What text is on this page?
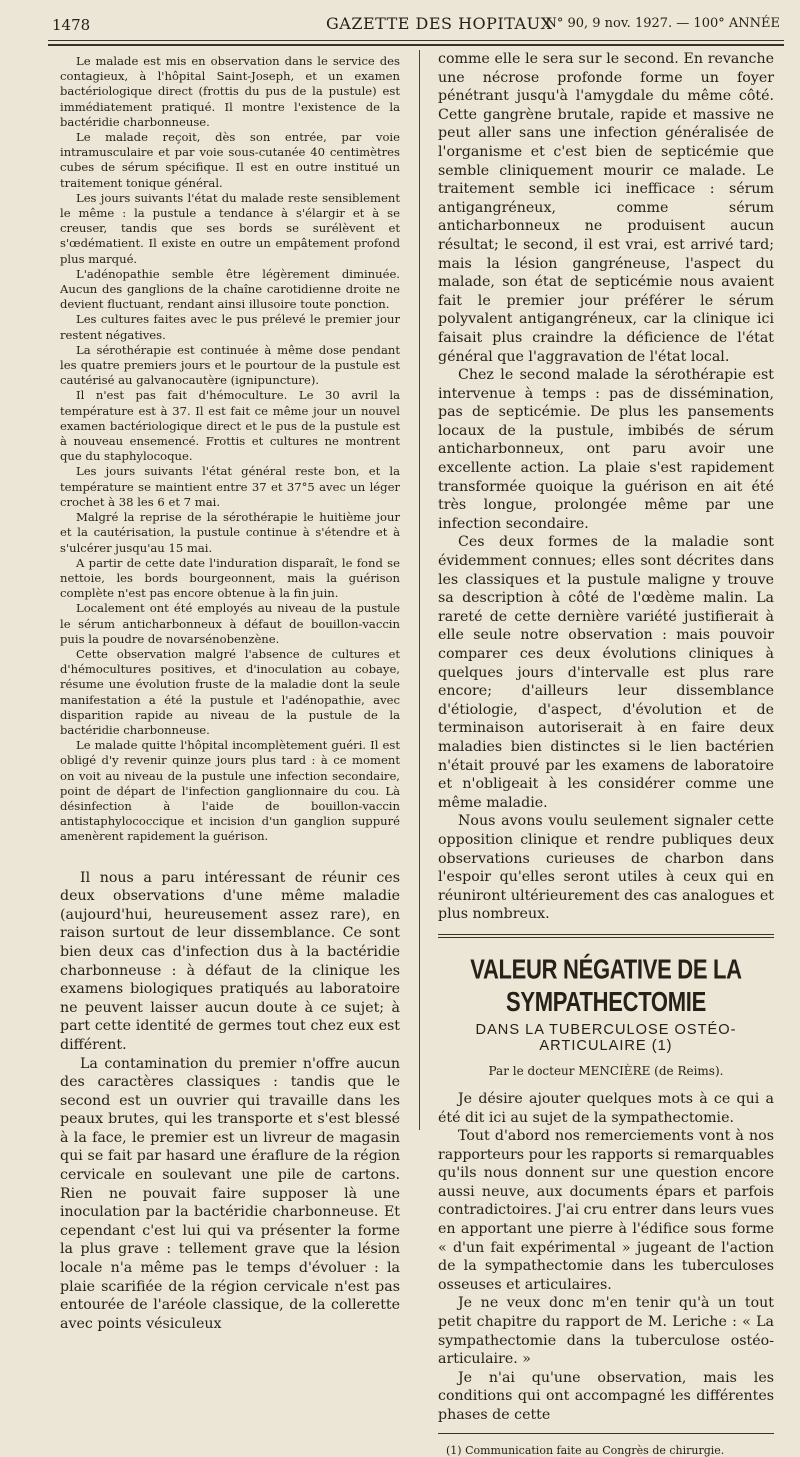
1478	GAZETTE DES HOPITAUX
N° 90, 9 nov. 1927. — 100° ANNÉE

Le malade est mis en observation dans le service des contagieux, à l'hôpital Saint-Joseph, et un examen bactériologique direct (frottis du pus de la pustule) est immédiatement pratiqué. Il montre l'existence de la bactéridie charbonneuse.

Le malade reçoit, dès son entrée, par voie intramusculaire et par voie sous-cutanée 40 centimètres cubes de sérum spécifique. Il est en outre institué un traitement tonique général.

Les jours suivants l'état du malade reste sensiblement le même : la pustule a tendance à s'élargir et à se creuser, tandis que ses bords se surélèvent et s'œdématient. Il existe en outre un empâtement profond plus marqué.

L'adénopathie semble être légèrement diminuée. Aucun des ganglions de la chaîne carotidienne droite ne devient fluctuant, rendant ainsi illusoire toute ponction.

Les cultures faites avec le pus prélevé le premier jour restent négatives.

La sérothérapie est continuée à même dose pendant les quatre premiers jours et le pourtour de la pustule est cautérisé au galvanocautère (ignipuncture).

Il n'est pas fait d'hémoculture. Le 30 avril la température est à 37. Il est fait ce même jour un nouvel examen bactériologique direct et le pus de la pustule est à nouveau ensemencé. Frottis et cultures ne montrent que du staphylocoque.

Les jours suivants l'état général reste bon, et la température se maintient entre 37 et 37°5 avec un léger crochet à 38 les 6 et 7 mai.

Malgré la reprise de la sérothérapie le huitième jour et la cautérisation, la pustule continue à s'étendre et à s'ulcérer jusqu'au 15 mai.

A partir de cette date l'induration disparaît, le fond se nettoie, les bords bourgeonnent, mais la guérison complète n'est pas encore obtenue à la fin juin.

Localement ont été employés au niveau de la pustule le sérum anticharbonneux à défaut de bouillon-vaccin puis la poudre de novarsénobenzène.

Cette observation malgré l'absence de cultures et d'hémocultures positives, et d'inoculation au cobaye, résume une évolution fruste de la maladie dont la seule manifestation a été la pustule et l'adénopathie, avec disparition rapide au niveau de la pustule de la bactéridie charbonneuse.

Le malade quitte l'hôpital incomplètement guéri. Il est obligé d'y revenir quinze jours plus tard : à ce moment on voit au niveau de la pustule une infection secondaire, point de départ de l'infection ganglionnaire du cou. Là désinfection à l'aide de bouillon-vaccin antistaphylococcique et incision d'un ganglion suppuré amenèrent rapidement la guérison.

Il nous a paru intéressant de réunir ces deux observations d'une même maladie (aujourd'hui, heureusement assez rare), en raison surtout de leur dissemblance. Ce sont bien deux cas d'infection dus à la bactéridie charbonneuse : à défaut de la clinique les examens biologiques pratiqués au laboratoire ne peuvent laisser aucun doute à ce sujet; à part cette identité de germes tout chez eux est différent.

La contamination du premier n'offre aucun des caractères classiques : tandis que le second est un ouvrier qui travaille dans les peaux brutes, qui les transporte et s'est blessé à la face, le premier est un livreur de magasin qui se fait par hasard une éraflure de la région cervicale en soulevant une pile de cartons. Rien ne pouvait faire supposer là une inoculation par la bactéridie charbonneuse. Et cependant c'est lui qui va présenter la forme la plus grave : tellement grave que la lésion locale n'a même pas le temps d'évoluer : la plaie scarifiée de la région cervicale n'est pas entourée de l'aréole classique, de la collerette avec points vésiculeux

comme elle le sera sur le second. En revanche une nécrose profonde forme un foyer pénétrant jusqu'à l'amygdale du même côté. Cette gangrène brutale, rapide et massive ne peut aller sans une infection généralisée de l'organisme et c'est bien de septicémie que semble cliniquement mourir ce malade. Le traitement semble ici inefficace : sérum antigangréneux, comme sérum anticharbonneux ne produisent aucun résultat; le second, il est vrai, est arrivé tard; mais la lésion gangréneuse, l'aspect du malade, son état de septicémie nous avaient fait le premier jour préférer le sérum polyvalent antigangréneux, car la clinique ici faisait plus craindre la déficience de l'état général que l'aggravation de l'état local.

Chez le second malade la sérothérapie est intervenue à temps : pas de dissémination, pas de septicémie. De plus les pansements locaux de la pustule, imbibés de sérum anticharbonneux, ont paru avoir une excellente action. La plaie s'est rapidement transformée quoique la guérison en ait été très longue, prolongée même par une infection secondaire.

Ces deux formes de la maladie sont évidemment connues; elles sont décrites dans les classiques et la pustule maligne y trouve sa description à côté de l'œdème malin. La rareté de cette dernière variété justifierait à elle seule notre observation : mais pouvoir comparer ces deux évolutions cliniques à quelques jours d'intervalle est plus rare encore; d'ailleurs leur dissemblance d'étiologie, d'aspect, d'évolution et de terminaison autoriserait à en faire deux maladies bien distinctes si le lien bactérien n'était prouvé par les examens de laboratoire et n'obligeait à les considérer comme une même maladie.

Nous avons voulu seulement signaler cette opposition clinique et rendre publiques deux observations curieuses de charbon dans l'espoir qu'elles seront utiles à ceux qui en réuniront ultérieurement des cas analogues et plus nombreux.

VALEUR NÉGATIVE DE LA SYMPATHECTOMIE
DANS LA TUBERCULOSE OSTÉO-ARTICULAIRE (1)
Par le docteur MENCIÈRE (de Reims).

Je désire ajouter quelques mots à ce qui a été dit ici au sujet de la sympathectomie.

Tout d'abord nos remerciements vont à nos rapporteurs pour les rapports si remarquables qu'ils nous donnent sur une question encore aussi neuve, aux documents épars et parfois contradictoires. J'ai cru entrer dans leurs vues en apportant une pierre à l'édifice sous forme « d'un fait expérimental » jugeant de l'action de la sympathectomie dans les tuberculoses osseuses et articulaires.

Je ne veux donc m'en tenir qu'à un tout petit chapitre du rapport de M. Leriche : « La sympathectomie dans la tuberculose ostéo-articulaire. »

Je n'ai qu'une observation, mais les conditions qui ont accompagné les différentes phases de cette

(1) Communication faite au Congrès de chirurgie.
